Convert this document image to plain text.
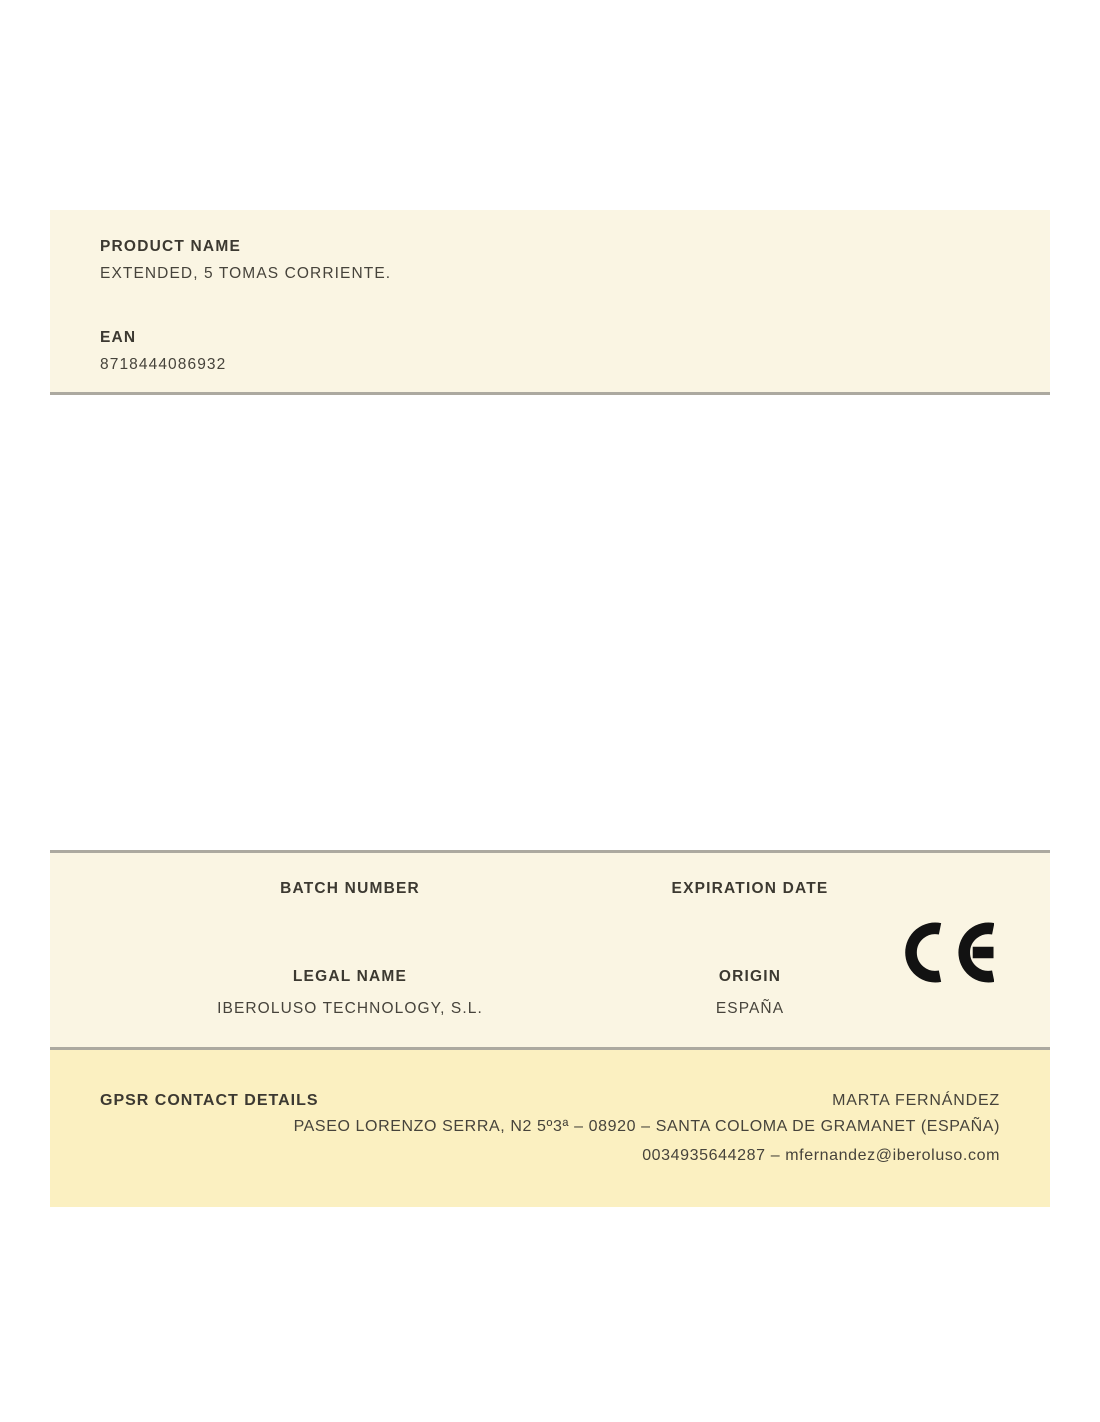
PRODUCT NAME
EXTENDED, 5 TOMAS CORRIENTE.
EAN
8718444086932
BATCH NUMBER	EXPIRATION DATE
LEGAL NAME
IBEROLUSO TECHNOLOGY, S.L.
ORIGIN
ESPAÑA
GPSR CONTACT DETAILS	MARTA FERNÁNDEZ
PASEO LORENZO SERRA, N2 5º3ª – 08920 – SANTA COLOMA DE GRAMANET (ESPAÑA)
0034935644287 – mfernandez@iberoluso.com
